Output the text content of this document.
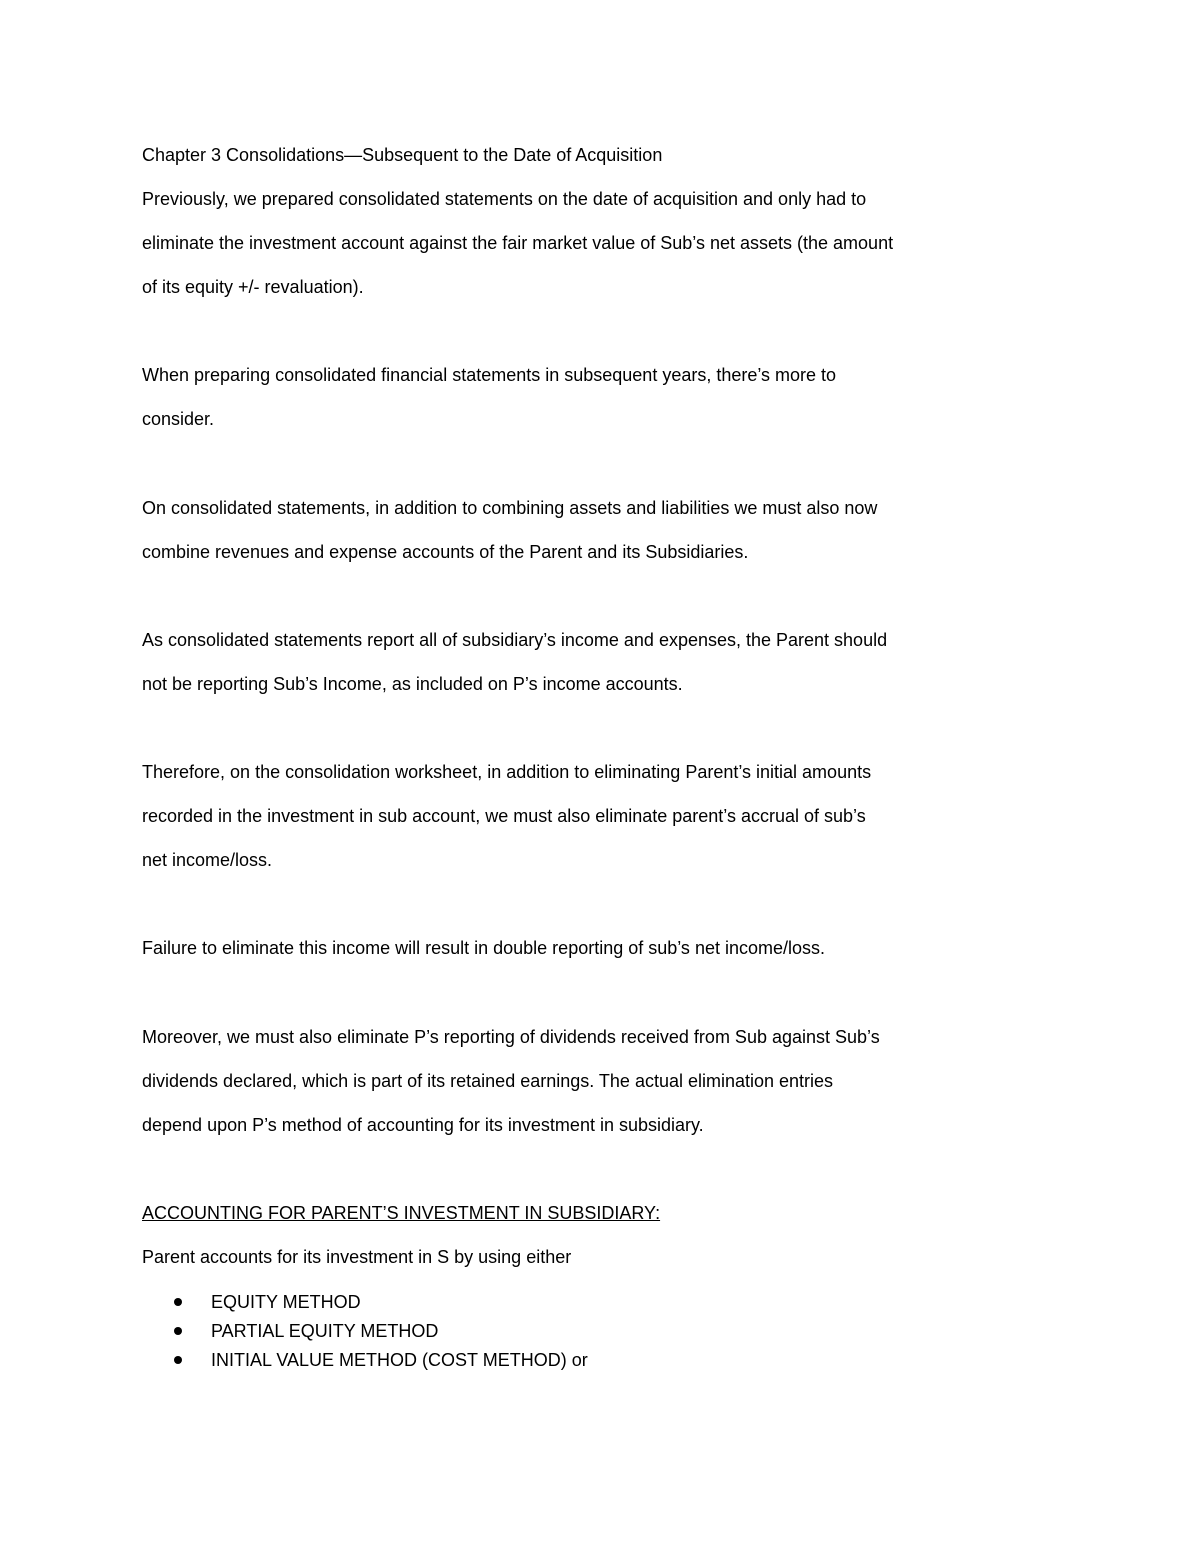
Chapter 3 Consolidations—Subsequent to the Date of Acquisition
Previously, we prepared consolidated statements on the date of acquisition and only had to
eliminate the investment account against the fair market value of Sub’s net assets (the amount
of its equity +/- revaluation).
When preparing consolidated financial statements in subsequent years, there’s more to
consider.
On consolidated statements, in addition to combining assets and liabilities we must also now
combine revenues and expense accounts of the Parent and its Subsidiaries.
As consolidated statements report all of subsidiary’s income and expenses, the Parent should
not be reporting Sub’s Income, as included on P’s income accounts.
Therefore, on the consolidation worksheet, in addition to eliminating Parent’s initial amounts
recorded in the investment in sub account, we must also eliminate parent’s accrual of sub’s
net income/loss.
Failure to eliminate this income will result in double reporting of sub’s net income/loss.
Moreover, we must also eliminate P’s reporting of dividends received from Sub against Sub’s
dividends declared, which is part of its retained earnings. The actual elimination entries
depend upon P’s method of accounting for its investment in subsidiary.
ACCOUNTING FOR PARENT’S INVESTMENT IN SUBSIDIARY:
Parent accounts for its investment in S by using either
EQUITY METHOD
PARTIAL EQUITY METHOD
INITIAL VALUE METHOD (COST METHOD) or
